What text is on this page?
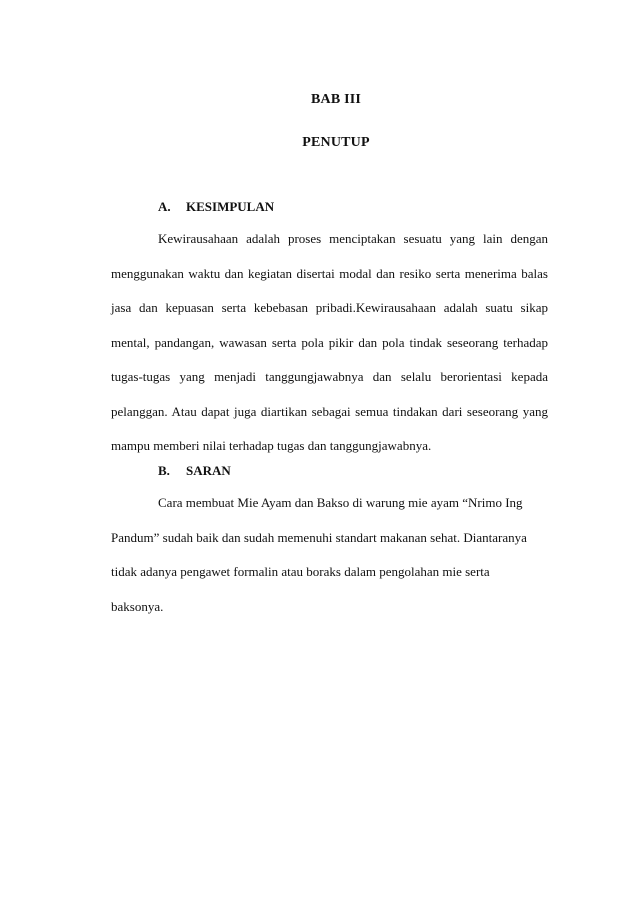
BAB III
PENUTUP
A. KESIMPULAN

Kewirausahaan adalah proses menciptakan sesuatu yang lain dengan menggunakan waktu dan kegiatan disertai modal dan resiko serta menerima balas jasa dan kepuasan serta kebebasan pribadi.Kewirausahaan adalah suatu sikap mental, pandangan, wawasan serta pola pikir dan pola tindak seseorang terhadap tugas-tugas yang menjadi tanggungjawabnya dan selalu berorientasi kepada pelanggan. Atau dapat juga diartikan sebagai semua tindakan dari seseorang yang mampu memberi nilai terhadap tugas dan tanggungjawabnya.

B. SARAN

Cara membuat Mie Ayam dan Bakso di warung mie ayam “Nrimo Ing
Pandum” sudah baik dan sudah memenuhi standart makanan sehat. Diantaranya
tidak adanya pengawet formalin atau boraks dalam pengolahan mie serta
baksonya.
